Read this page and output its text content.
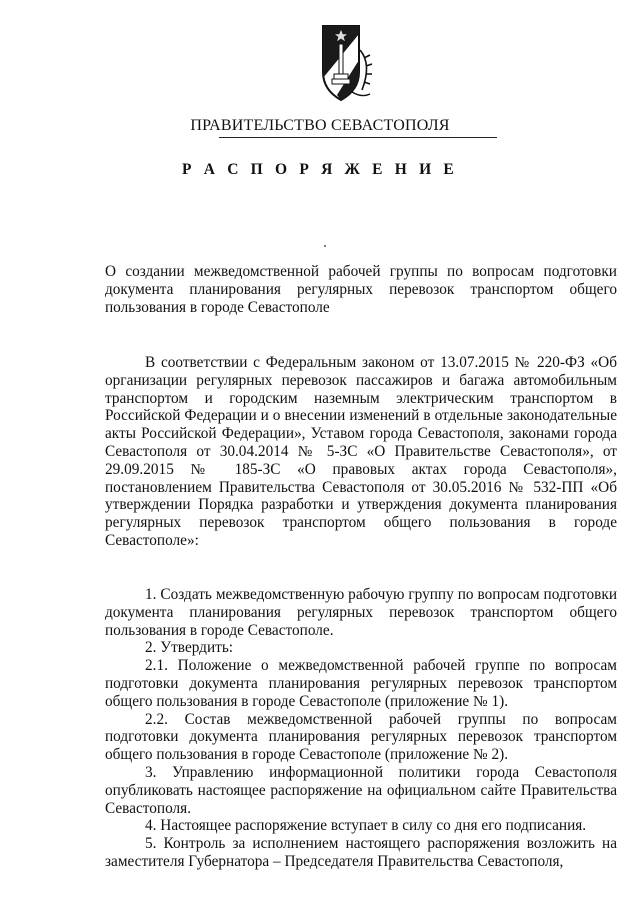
ПРАВИТЕЛЬСТВО СЕВАСТОПОЛЯ
Р А С П О Р Я Ж Е Н И Е

О создании межведомственной рабочей группы по вопросам подготовки документа планирования регулярных перевозок транспортом общего пользования в городе Севастополе

В соответствии с Федеральным законом от 13.07.2015 № 220-ФЗ «Об организации регулярных перевозок пассажиров и багажа автомобильным транспортом и городским наземным электрическим транспортом в Российской Федерации и о внесении изменений в отдельные законодательные акты Российской Федерации», Уставом города Севастополя, законами города Севастополя от 30.04.2014 № 5-ЗС «О Правительстве Севастополя», от 29.09.2015 № 185-ЗС «О правовых актах города Севастополя», постановлением Правительства Севастополя от 30.05.2016 № 532-ПП «Об утверждении Порядка разработки и утверждения документа планирования регулярных перевозок транспортом общего пользования в городе Севастополе»:

1. Создать межведомственную рабочую группу по вопросам подготовки документа планирования регулярных перевозок транспортом общего пользования в городе Севастополе.

2. Утвердить:

2.1. Положение о межведомственной рабочей группе по вопросам подготовки документа планирования регулярных перевозок транспортом общего пользования в городе Севастополе (приложение № 1).

2.2. Состав межведомственной рабочей группы по вопросам подготовки документа планирования регулярных перевозок транспортом общего пользования в городе Севастополе (приложение № 2).

3. Управлению информационной политики города Севастополя опубликовать настоящее распоряжение на официальном сайте Правительства Севастополя.

4. Настоящее распоряжение вступает в силу со дня его подписания.

5. Контроль за исполнением настоящего распоряжения возложить на заместителя Губернатора – Председателя Правительства Севастополя,
